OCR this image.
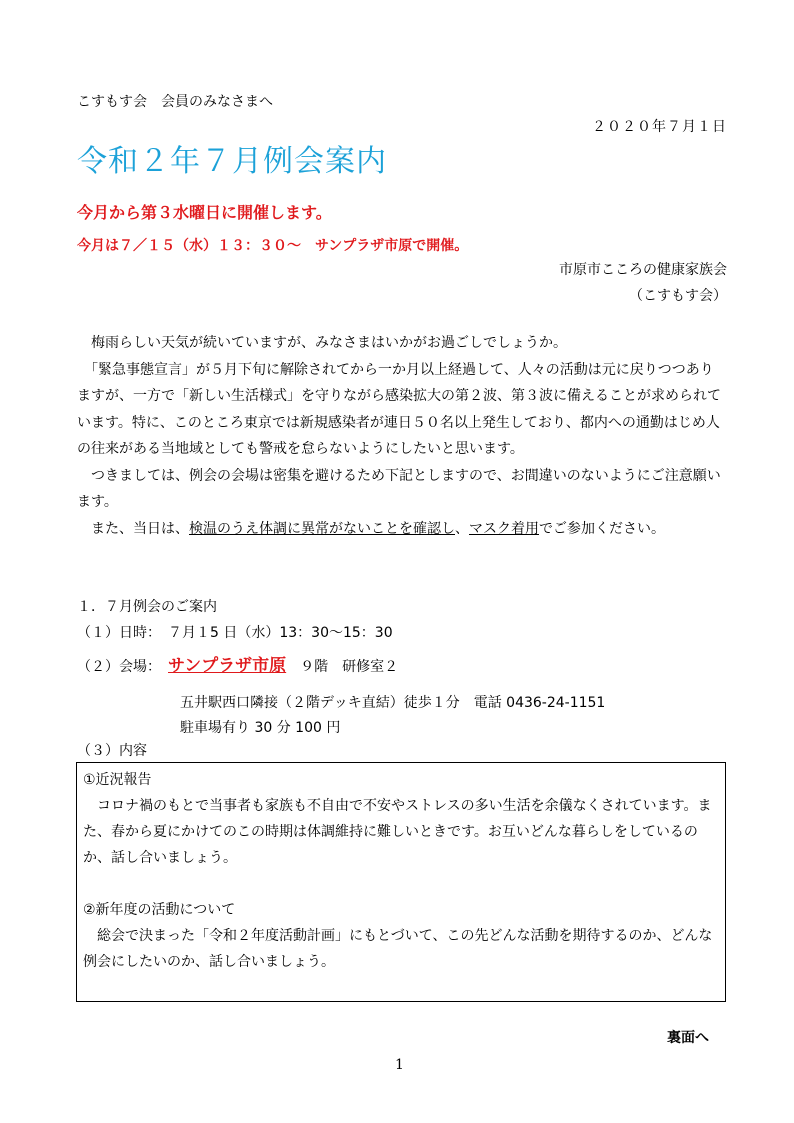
こすもす会　会員のみなさまへ
２０２０年７月１日
令和２年７月例会案内
今月から第３水曜日に開催します。
今月は７／１５（水）１３：３０～　サンプラザ市原で開催。
市原市こころの健康家族会
（こすもす会）

　梅雨らしい天気が続いていますが、みなさまはいかがお過ごしでしょうか。

　「緊急事態宣言」が５月下旬に解除されてから一か月以上経過して、人々の活動は元に戻りつつありますが、一方で「新しい生活様式」を守りながら感染拡大の第２波、第３波に備えることが求められています。特に、このところ東京では新規感染者が連日５０名以上発生しており、都内への通勤はじめ人の往来がある当地域としても警戒を怠らないようにしたいと思います。

　つきましては、例会の会場は密集を避けるため下記としますので、お間違いのないようにご注意願います。

　また、当日は、検温のうえ体調に異常がないことを確認し、マスク着用でご参加ください。

１．７月例会のご案内
（１）日時：　７月１5 日（水）13：30～15：30
（２）会場：　サンプラザ市原　９階　研修室２
五井駅西口隣接（２階デッキ直結）徒歩１分　電話 0436-24-1151
駐車場有り 30 分 100 円
（３）内容

①近況報告

コロナ禍のもとで当事者も家族も不自由で不安やストレスの多い生活を余儀なくされています。また、春から夏にかけてのこの時期は体調維持に難しいときです。お互いどんな暮らしをしているのか、話し合いましょう。

②新年度の活動について

総会で決まった「令和２年度活動計画」にもとづいて、この先どんな活動を期待するのか、どんな例会にしたいのか、話し合いましょう。

裏面へ
1
